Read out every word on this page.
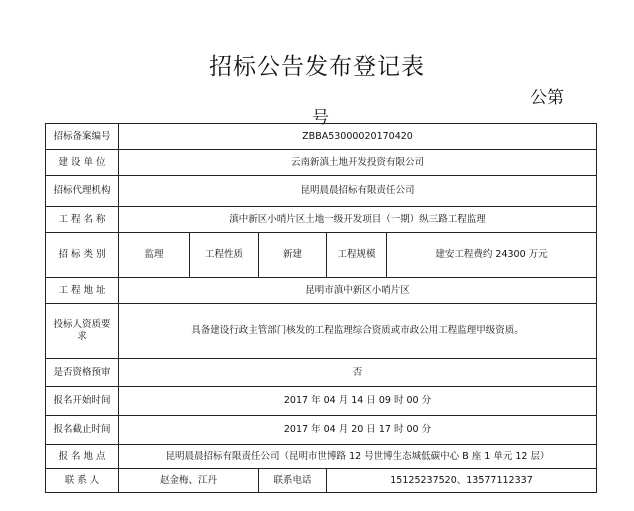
招标公告发布登记表
公第
号
招标备案编号	ZBBA53000020170420				
建 设 单 位	云南新滇土地开发投资有限公司				
招标代理机构	昆明晨晨招标有限责任公司				
工 程 名 称	滇中新区小哨片区土地一级开发项目（一期）纵三路工程监理				
招 标 类 别	监理	工程性质	新建	工程规模	建安工程费约 24300 万元
工 程 地 址	昆明市滇中新区小哨片区				
投标人资质要求	具备建设行政主管部门核发的工程监理综合资质或市政公用工程监理甲级资质。				
是否资格预审	否				
报名开始时间	2017 年 04 月 14 日 09 时 00 分				
报名截止时间	2017 年 04 月 20 日 17 时 00 分				
报 名 地 点	昆明晨晨招标有限责任公司（昆明市世博路 12 号世博生态城低碳中心 B 座 1 单元 12 层）				
联 系 人	赵金梅、江丹		联系电话	15125237520、13577112337	
